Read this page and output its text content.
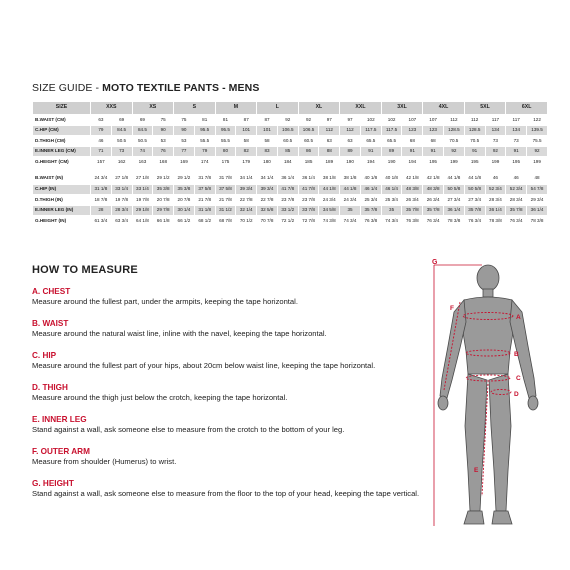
SIZE GUIDE - MOTO TEXTILE PANTS - MENS
SIZE	XXS		XS		S		M		L		XL		XXL		3XL		4XL		5XL		6XL	
B.WAIST (CM)	63	69	69	75	75	81	81	87	87	92	92	97	97	102	102	107	107	112	112	117	117	122
C.HIP (CM)	79	84.5	84.5	90	90	95.5	95.5	101	101	106.5	106.5	112	112	117.5	117.5	123	123	128.5	128.5	134	134	139.5
D.THIGH (CM)	46	50.5	50.5	53	53	55.5	55.5	58	58	60.5	60.5	63	63	65.5	65.5	68	68	70.5	70.5	73	73	75.5
E.INNER LEG (CM)	71	73	74	76	77	79	80	82	83	85	86	88	89	91	89	91	91	92	91	92	91	92
G.HEIGHT (CM)	157	162	163	168	169	174	175	179	180	184	185	189	190	194	190	194	195	199	195	199	195	199

B.WAIST (IN)	24 3/4	27 1/8	27 1/8	29 1/2	29 1/2	31 7/8	31 7/8	34 1/4	34 1/4	36 1/4	36 1/4	38 1/8	38 1/8	40 1/8	40 1/8	42 1/8	42 1/8	44 1/8	44 1/8	46	46	48
C.HIP (IN)	31 1/8	33 1/4	33 1/4	35 3/8	35 3/8	37 5/8	37 5/8	39 3/4	39 3/4	41 7/8	41 7/8	44 1/8	44 1/8	46 1/4	46 1/4	48 3/8	48 3/8	50 5/8	50 5/8	52 3/4	52 3/4	54 7/8
D.THIGH (IN)	18 7/8	19 7/8	19 7/8	20 7/8	20 7/8	21 7/8	21 7/8	22 7/8	22 7/8	23 7/8	23 7/8	24 3/4	24 3/4	25 3/4	25 3/4	26 3/4	26 3/4	27 3/4	27 3/4	28 3/4	28 3/4	29 3/4
E.INNER LEG (IN)	28	28 3/4	29 1/8	29 7/8	30 1/4	31 1/8	31 1/2	32 1/4	32 5/8	33 1/2	33 7/8	34 5/8	35	35 7/8	35	35 7/8	35 7/8	36 1/4	35 7/8	36 1/4	35 7/8	36 1/4
G.HEIGHT (IN)	61 3/4	63 3/4	64 1/8	66 1/8	66 1/2	68 1/2	68 7/8	70 1/2	70 7/8	72 1/2	72 7/8	74 3/8	74 3/4	76 3/8	74 3/4	76 3/8	76 3/4	78 3/8	76 3/4	78 3/8	76 3/4	78 3/8
HOW TO MEASURE
A. CHEST
Measure around the fullest part, under the armpits, keeping the tape horizontal.
B. WAIST
Measure around the natural waist line, inline with the navel, keeping the tape horizontal.
C. HIP
Measure around the fullest part of your hips, about 20cm below waist line, keeping the tape horizontal.
D. THIGH
Measure around the thigh just below the crotch, keeping the tape horizontal.
E. INNER LEG
Stand against a wall, ask someone else to measure from the crotch to the bottom of your leg.
F. OUTER ARM
Measure from shoulder (Humerus) to wrist.
G. HEIGHT
Stand against a wall, ask someone else to measure from the floor to the top of your head, keeping the tape vertical.
G
A
B
C
D
E
F
